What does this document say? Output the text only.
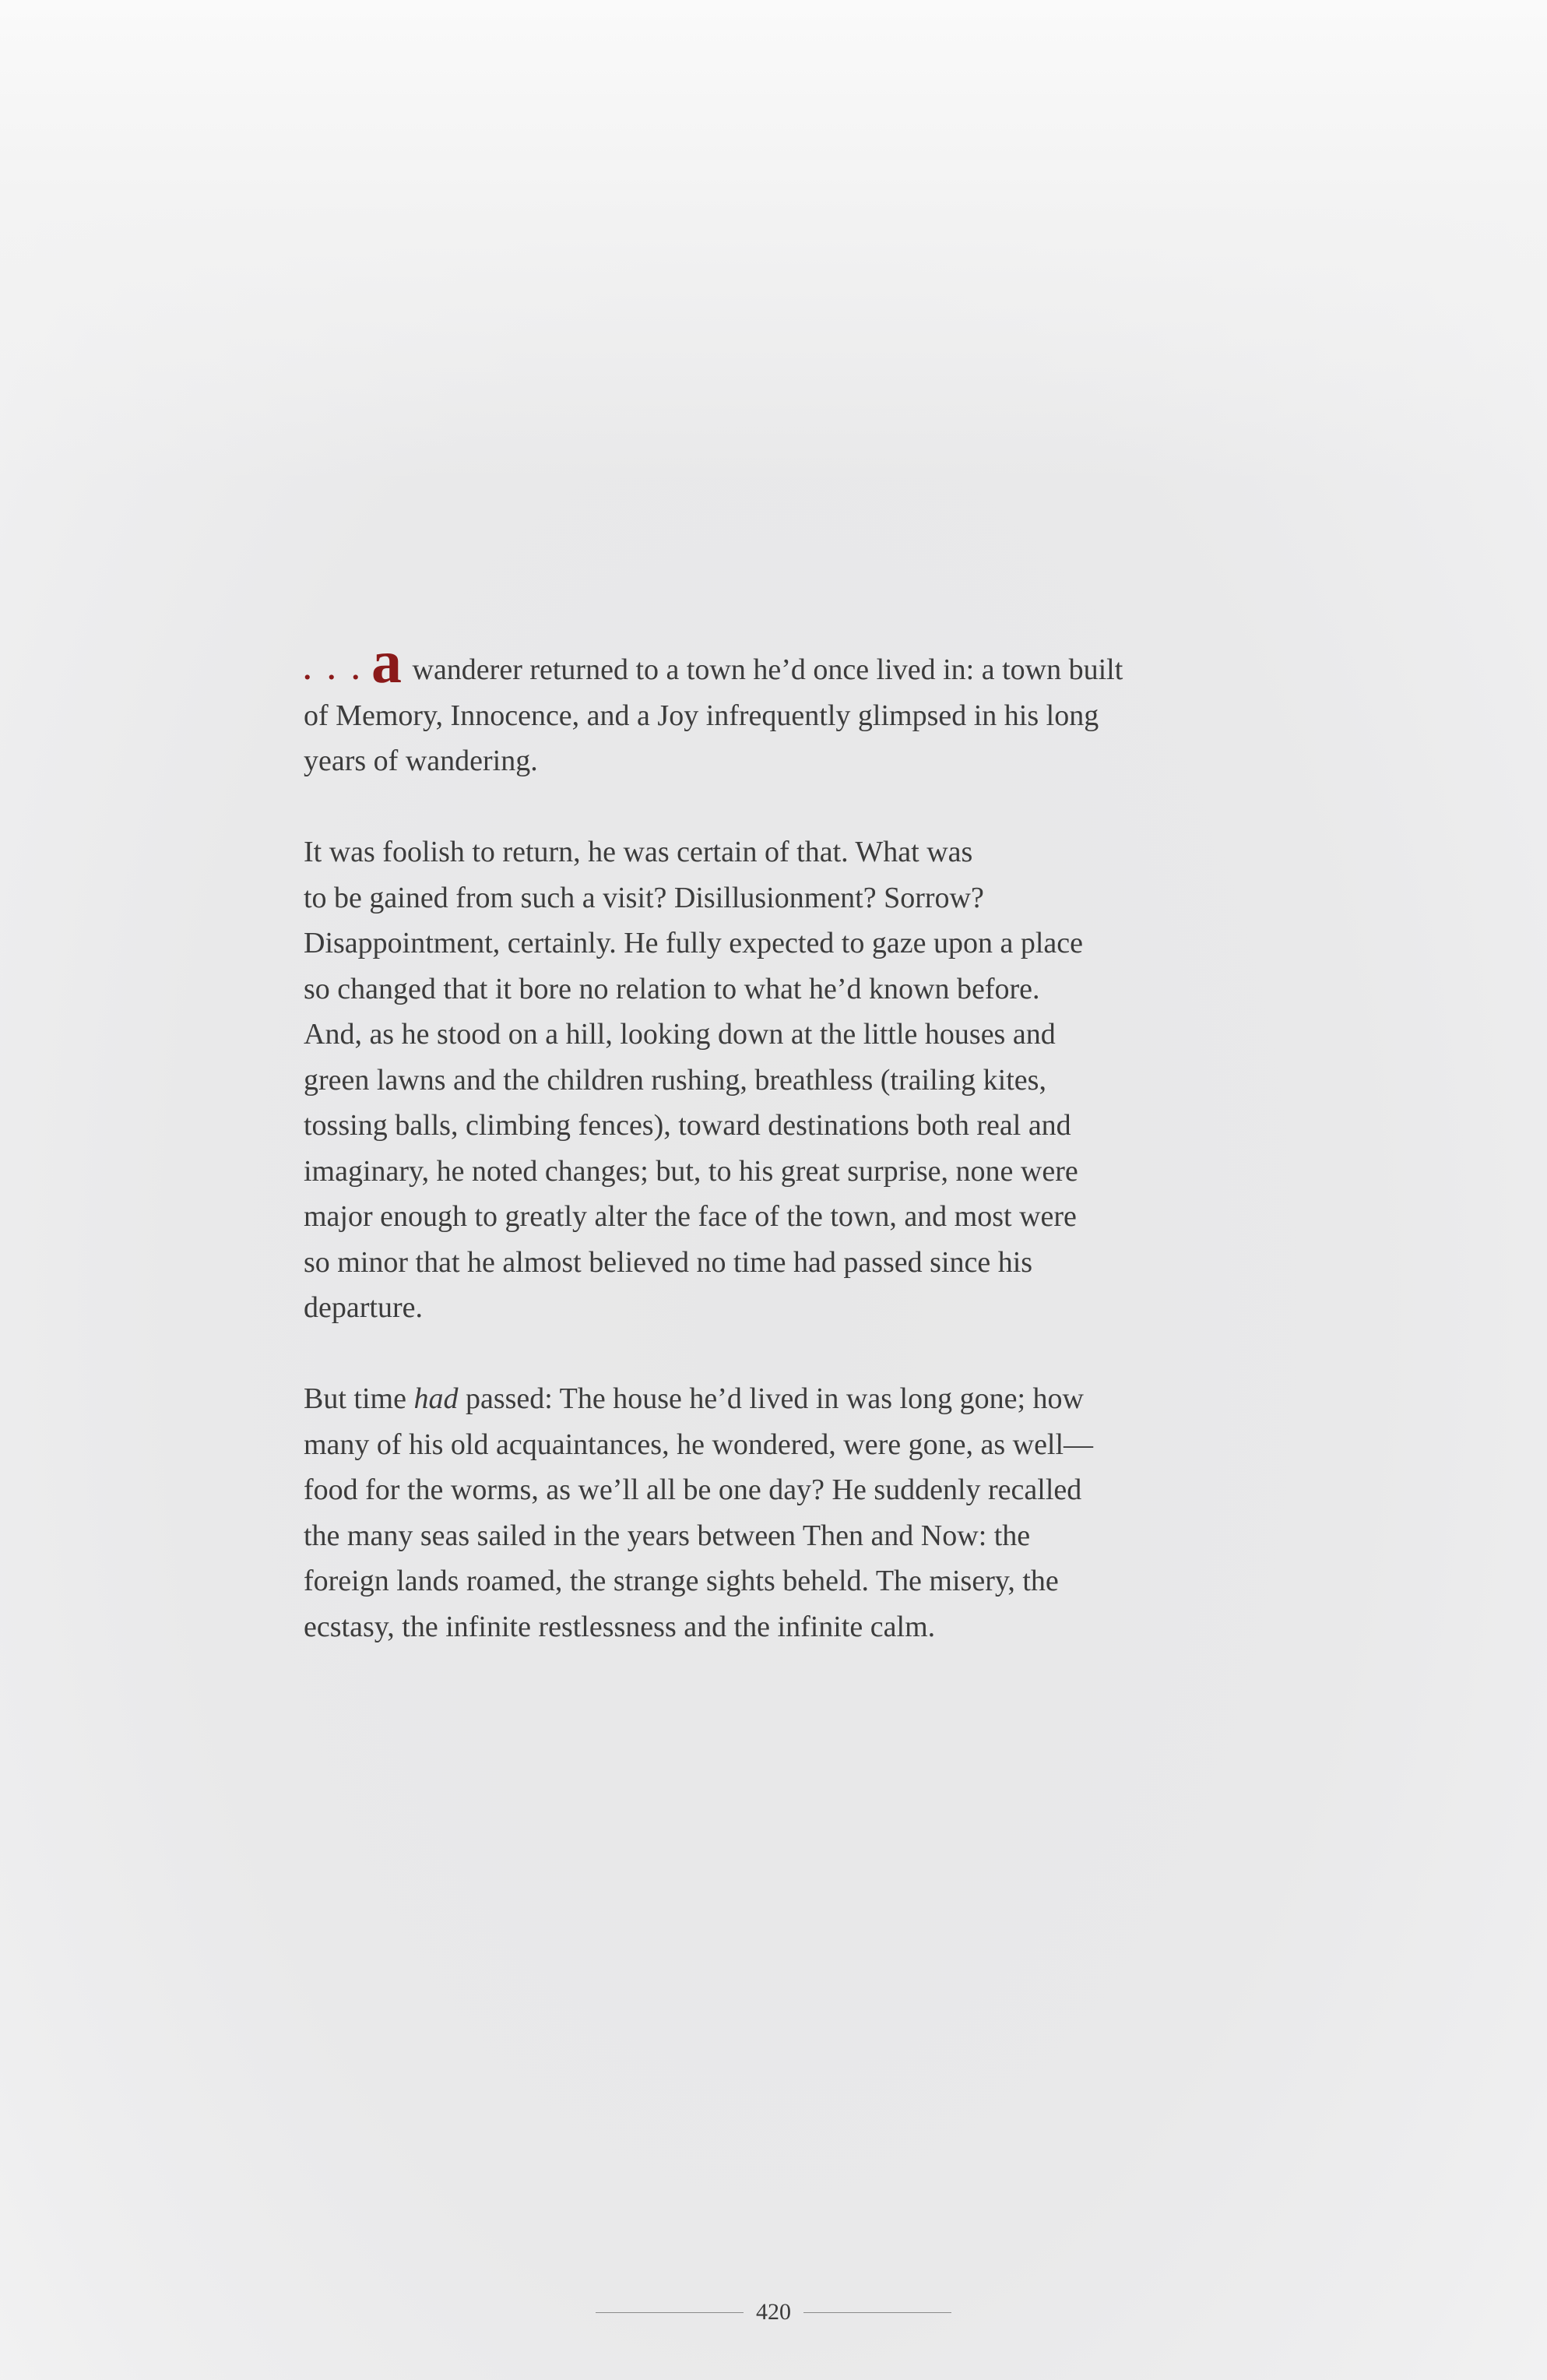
. . . a wanderer returned to a town he’d once lived in: a town built
of Memory, Innocence, and a Joy infrequently glimpsed in his long
years of wandering.

It was foolish to return, he was certain of that. What was
to be gained from such a visit? Disillusionment? Sorrow?
Disappointment, certainly. He fully expected to gaze upon a place
so changed that it bore no relation to what he’d known before.
And, as he stood on a hill, looking down at the little houses and
green lawns and the children rushing, breathless (trailing kites,
tossing balls, climbing fences), toward destinations both real and
imaginary, he noted changes; but, to his great surprise, none were
major enough to greatly alter the face of the town, and most were
so minor that he almost believed no time had passed since his
departure.

But time had passed: The house he’d lived in was long gone; how
many of his old acquaintances, he wondered, were gone, as well—
food for the worms, as we’ll all be one day? He suddenly recalled
the many seas sailed in the years between Then and Now: the
foreign lands roamed, the strange sights beheld. The misery, the
ecstasy, the infinite restlessness and the infinite calm.

420
